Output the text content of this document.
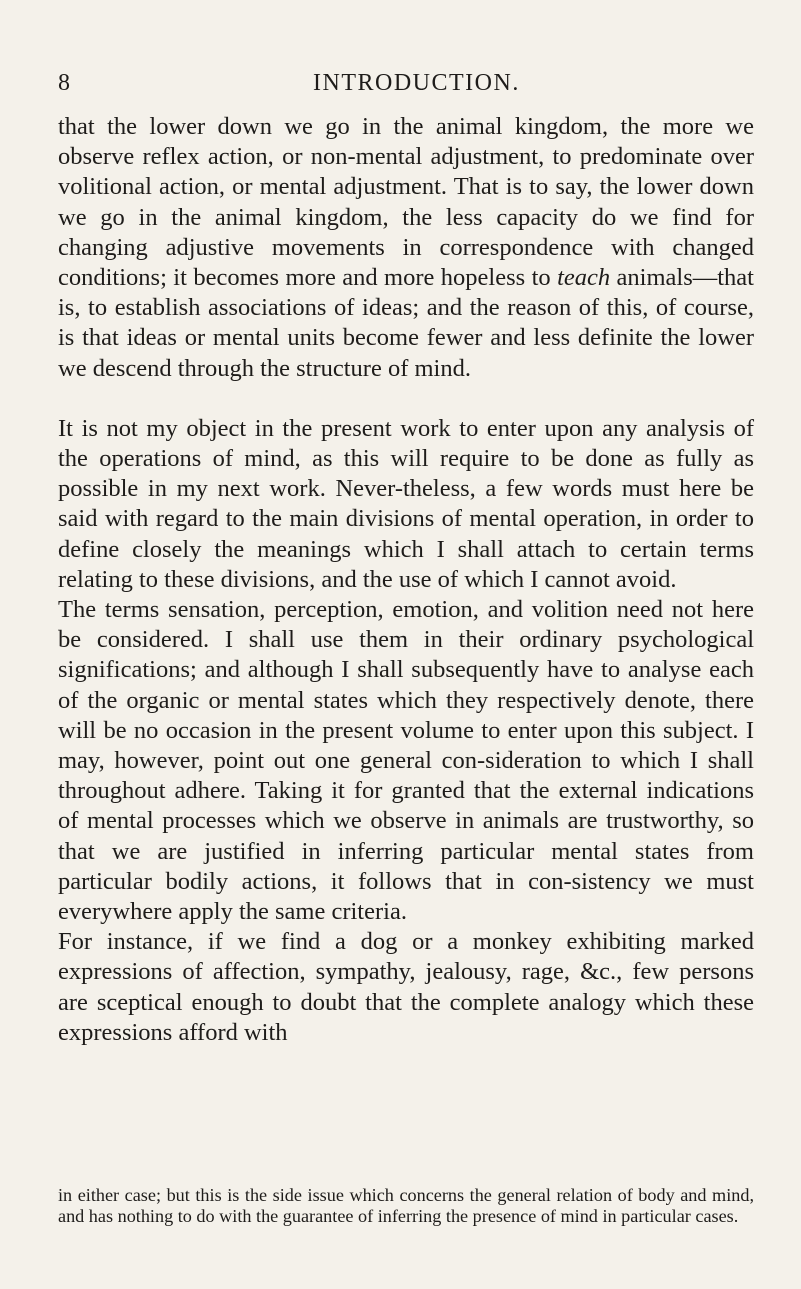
8	INTRODUCTION.

that the lower down we go in the animal kingdom, the more we observe reflex action, or non-mental adjustment, to predominate over volitional action, or mental adjustment. That is to say, the lower down we go in the animal kingdom, the less capacity do we find for changing adjustive movements in correspondence with changed conditions; it becomes more and more hopeless to teach animals—that is, to establish associations of ideas; and the reason of this, of course, is that ideas or mental units become fewer and less definite the lower we descend through the structure of mind.

It is not my object in the present work to enter upon any analysis of the operations of mind, as this will require to be done as fully as possible in my next work. Never-theless, a few words must here be said with regard to the main divisions of mental operation, in order to define closely the meanings which I shall attach to certain terms relating to these divisions, and the use of which I cannot avoid.

The terms sensation, perception, emotion, and volition need not here be considered. I shall use them in their ordinary psychological significations; and although I shall subsequently have to analyse each of the organic or mental states which they respectively denote, there will be no occasion in the present volume to enter upon this subject. I may, however, point out one general con-sideration to which I shall throughout adhere. Taking it for granted that the external indications of mental processes which we observe in animals are trustworthy, so that we are justified in inferring particular mental states from particular bodily actions, it follows that in con-sistency we must everywhere apply the same criteria.

For instance, if we find a dog or a monkey exhibiting marked expressions of affection, sympathy, jealousy, rage, &c., few persons are sceptical enough to doubt that the complete analogy which these expressions afford with

in either case; but this is the side issue which concerns the general relation of body and mind, and has nothing to do with the guarantee of inferring the presence of mind in particular cases.
